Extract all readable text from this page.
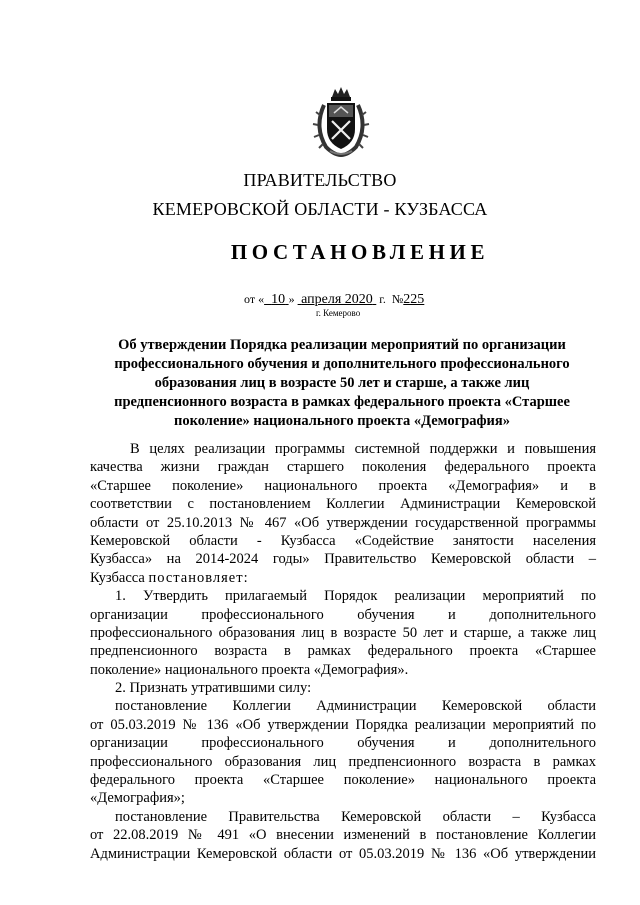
ПРАВИТЕЛЬСТВО
КЕМЕРОВСКОЙ ОБЛАСТИ - КУЗБАССА
ПОСТАНОВЛЕНИЕ
от « 10 » апреля 2020 г. №225
г. Кемерово
Об утверждении Порядка реализации мероприятий по организации
профессионального обучения и дополнительного профессионального
образования лиц в возрасте 50 лет и старше, а также лиц
предпенсионного возраста в рамках федерального проекта «Старшее
поколение» национального проекта «Демография»
В целях реализации программы системной поддержки и повышения
качества жизни граждан старшего поколения федерального проекта
«Старшее поколение» национального проекта «Демография» и в
соответствии с постановлением Коллегии Администрации Кемеровской
области от 25.10.2013 № 467 «Об утверждении государственной программы
Кемеровской области - Кузбасса «Содействие занятости населения
Кузбасса» на 2014-2024 годы» Правительство Кемеровской области –
Кузбасса постановляет:
1. Утвердить прилагаемый Порядок реализации мероприятий по
организации профессионального обучения и дополнительного
профессионального образования лиц в возрасте 50 лет и старше, а также лиц
предпенсионного возраста в рамках федерального проекта «Старшее
поколение» национального проекта «Демография».
2. Признать утратившими силу:
постановление Коллегии Администрации Кемеровской области
от 05.03.2019 № 136 «Об утверждении Порядка реализации мероприятий по
организации профессионального обучения и дополнительного
профессионального образования лиц предпенсионного возраста в рамках
федерального проекта «Старшее поколение» национального проекта
«Демография»;
постановление Правительства Кемеровской области – Кузбасса
от 22.08.2019 № 491 «О внесении изменений в постановление Коллегии
Администрации Кемеровской области от 05.03.2019 № 136 «Об утверждении
